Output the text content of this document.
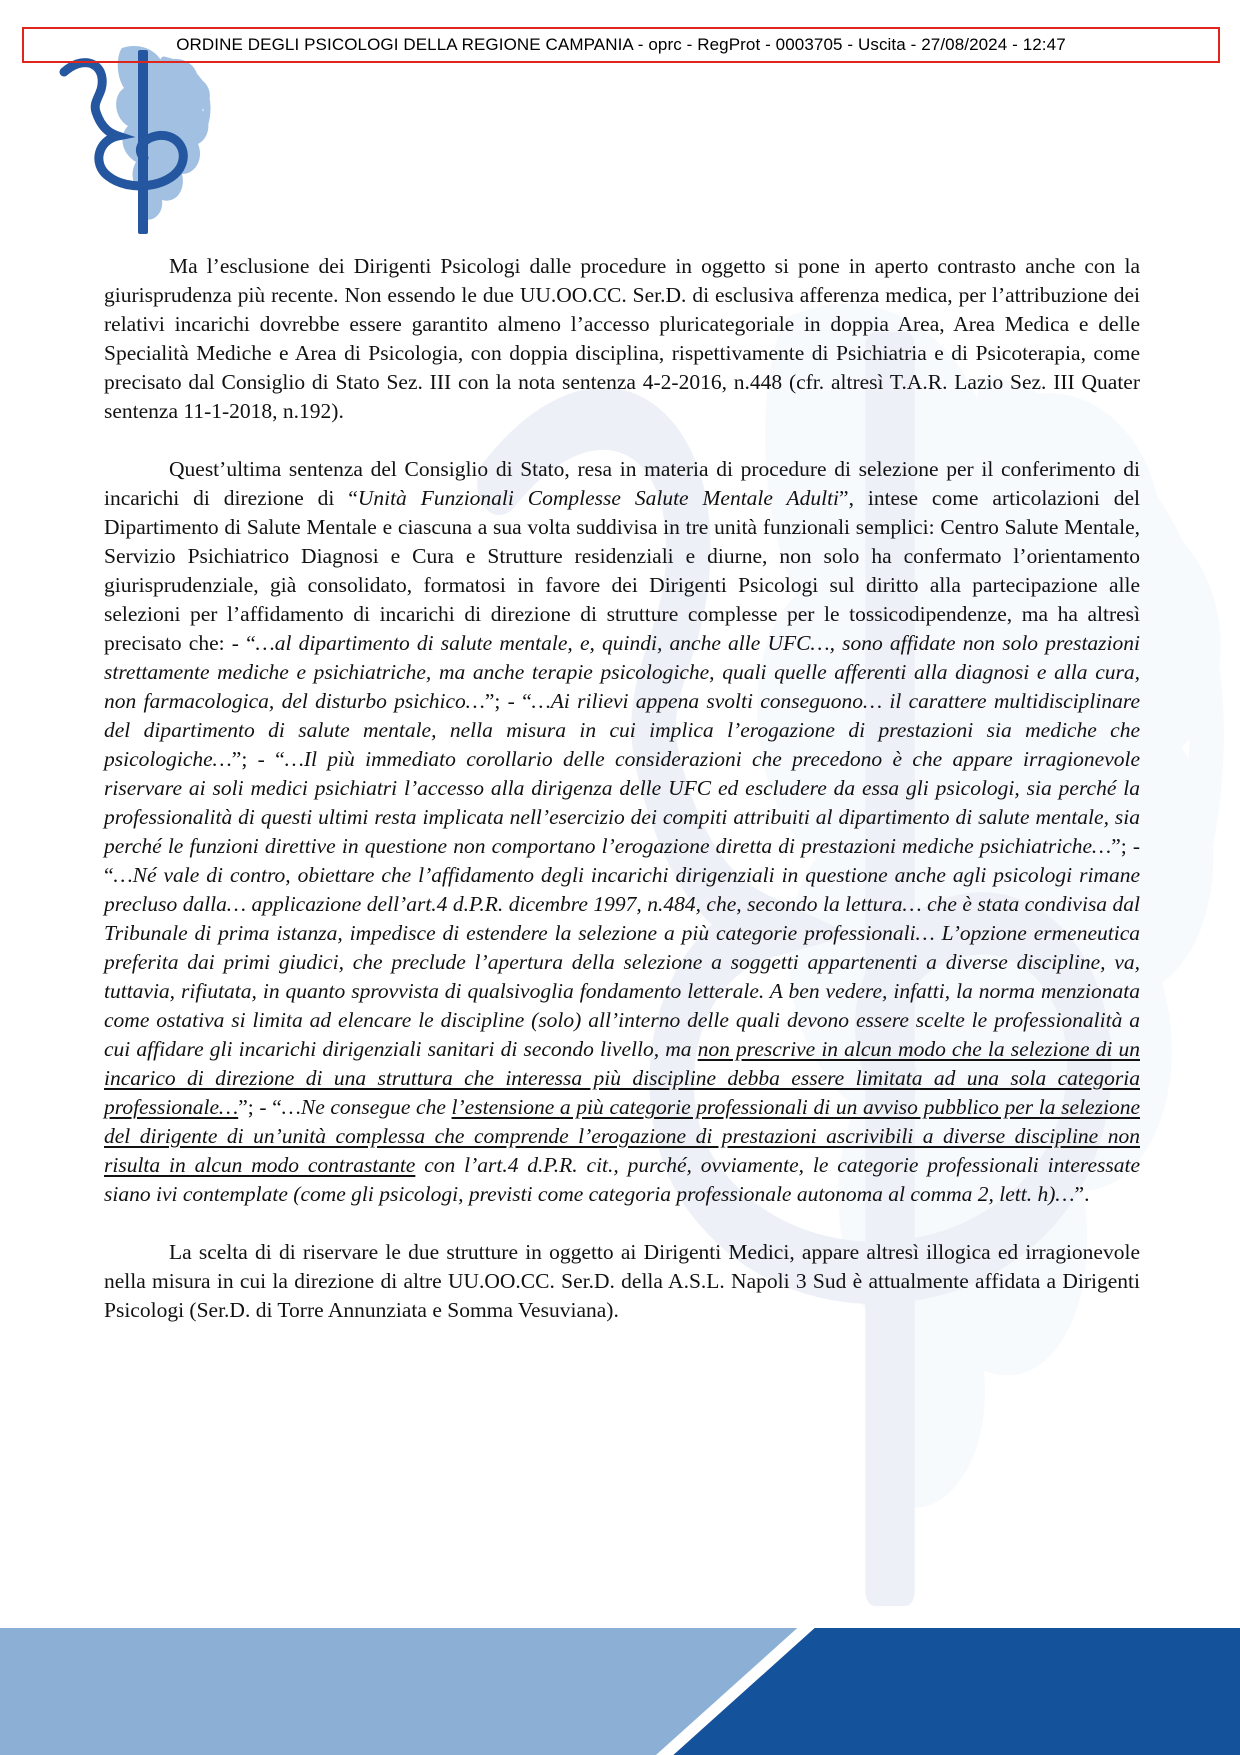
ORDINE DEGLI PSICOLOGI DELLA REGIONE CAMPANIA - oprc - RegProt - 0003705 - Uscita - 27/08/2024 - 12:47

Ma l’esclusione dei Dirigenti Psicologi dalle procedure in oggetto si pone in aperto contrasto anche con la giurisprudenza più recente. Non essendo le due UU.OO.CC. Ser.D. di esclusiva afferenza medica, per l’attribuzione dei relativi incarichi dovrebbe essere garantito almeno l’accesso pluricategoriale in doppia Area, Area Medica e delle Specialità Mediche e Area di Psicologia, con doppia disciplina, rispettivamente di Psichiatria e di Psicoterapia, come precisato dal Consiglio di Stato Sez. III con la nota sentenza 4-2-2016, n.448 (cfr. altresì T.A.R. Lazio Sez. III Quater sentenza 11-1-2018, n.192).

Quest’ultima sentenza del Consiglio di Stato, resa in materia di procedure di selezione per il conferimento di incarichi di direzione di “Unità Funzionali Complesse Salute Mentale Adulti”, intese come articolazioni del Dipartimento di Salute Mentale e ciascuna a sua volta suddivisa in tre unità funzionali semplici: Centro Salute Mentale, Servizio Psichiatrico Diagnosi e Cura e Strutture residenziali e diurne, non solo ha confermato l’orientamento giurisprudenziale, già consolidato, formatosi in favore dei Dirigenti Psicologi sul diritto alla partecipazione alle selezioni per l’affidamento di incarichi di direzione di strutture complesse per le tossicodipendenze, ma ha altresì precisato che: - “…al dipartimento di salute mentale, e, quindi, anche alle UFC…, sono affidate non solo prestazioni strettamente mediche e psichiatriche, ma anche terapie psicologiche, quali quelle afferenti alla diagnosi e alla cura, non farmacologica, del disturbo psichico…”; - “…Ai rilievi appena svolti conseguono… il carattere multidisciplinare del dipartimento di salute mentale, nella misura in cui implica l’erogazione di prestazioni sia mediche che psicologiche…”; - “…Il più immediato corollario delle considerazioni che precedono è che appare irragionevole riservare ai soli medici psichiatri l’accesso alla dirigenza delle UFC ed escludere da essa gli psicologi, sia perché la professionalità di questi ultimi resta implicata nell’esercizio dei compiti attribuiti al dipartimento di salute mentale, sia perché le funzioni direttive in questione non comportano l’erogazione diretta di prestazioni mediche psichiatriche…”; - “…Né vale di contro, obiettare che l’affidamento degli incarichi dirigenziali in questione anche agli psicologi rimane precluso dalla… applicazione dell’art.4 d.P.R. dicembre 1997, n.484, che, secondo la lettura… che è stata condivisa dal Tribunale di prima istanza, impedisce di estendere la selezione a più categorie professionali… L’opzione ermeneutica preferita dai primi giudici, che preclude l’apertura della selezione a soggetti appartenenti a diverse discipline, va, tuttavia, rifiutata, in quanto sprovvista di qualsivoglia fondamento letterale. A ben vedere, infatti, la norma menzionata come ostativa si limita ad elencare le discipline (solo) all’interno delle quali devono essere scelte le professionalità a cui affidare gli incarichi dirigenziali sanitari di secondo livello, ma non prescrive in alcun modo che la selezione di un incarico di direzione di una struttura che interessa più discipline debba essere limitata ad una sola categoria professionale…”; - “…Ne consegue che l’estensione a più categorie professionali di un avviso pubblico per la selezione del dirigente di un’unità complessa che comprende l’erogazione di prestazioni ascrivibili a diverse discipline non risulta in alcun modo contrastante con l’art.4 d.P.R. cit., purché, ovviamente, le categorie professionali interessate siano ivi contemplate (come gli psicologi, previsti come categoria professionale autonoma al comma 2, lett. h)…”.

La scelta di di riservare le due strutture in oggetto ai Dirigenti Medici, appare altresì illogica ed irragionevole nella misura in cui la direzione di altre UU.OO.CC. Ser.D. della A.S.L. Napoli 3 Sud è attualmente affidata a Dirigenti Psicologi (Ser.D. di Torre Annunziata e Somma Vesuviana).
